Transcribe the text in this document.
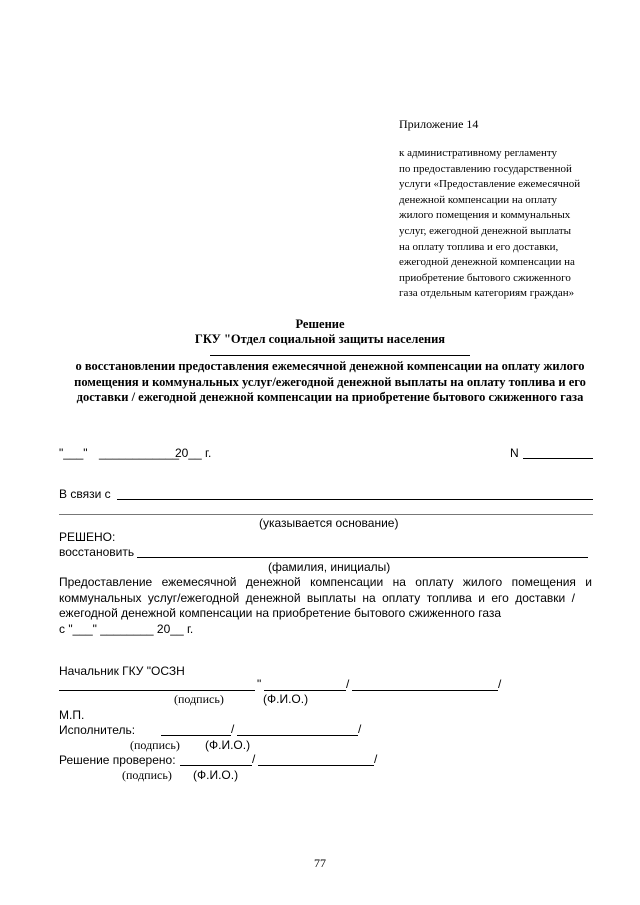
Приложение 14
к административному регламенту
по предоставлению государственной
услуги «Предоставление ежемесячной
денежной компенсации на оплату
жилого помещения и коммунальных
услуг, ежегодной денежной выплаты
на оплату топлива и его доставки,
ежегодной денежной компенсации на
приобретение бытового сжиженного
газа отдельным категориям граждан»
Решение
ГКУ "Отдел социальной защиты населения
о восстановлении предоставления ежемесячной денежной компенсации на оплату жилого помещения и коммунальных услуг/ежегодной денежной выплаты на оплату топлива и его доставки / ежегодной денежной компенсации на приобретение бытового сжиженного газа
"___" ____________
20__ г.	N
В связи с
(указывается основание)
РЕШЕНО:
восстановить
(фамилия, инициалы)
Предоставление ежемесячной денежной компенсации на оплату жилого помещения и
коммунальных услуг/ежегодной денежной выплаты на оплату топлива и его доставки /
ежегодной денежной компенсации на приобретение бытового сжиженного газа
с "___" ________ 20__ г.
Начальник ГКУ "ОСЗН
"	/	/
(подпись)	(Ф.И.О.)
М.П.
Исполнитель:	/	/
(подпись) (Ф.И.О.)
Решение проверено:	/	/
(подпись) (Ф.И.О.)
77
